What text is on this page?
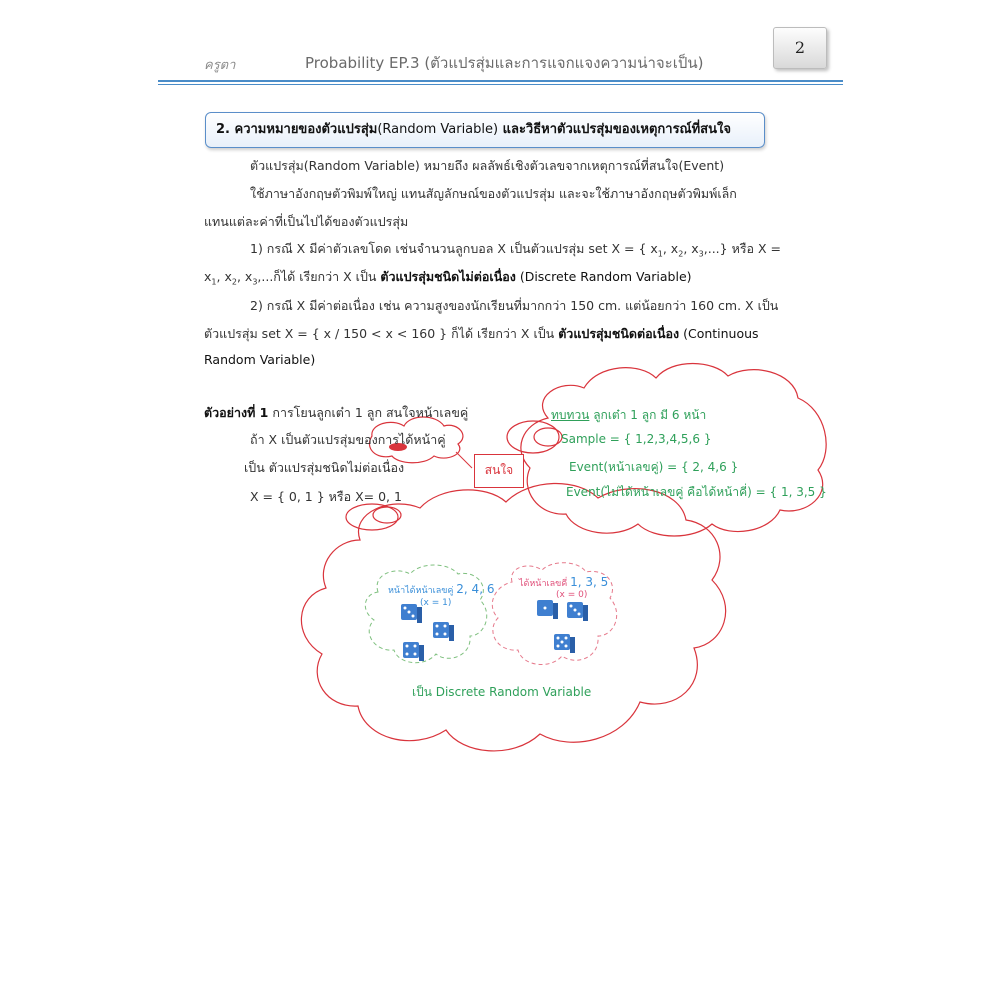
ครูตา	Probability EP.3 (ตัวแปรสุ่มและการแจกแจงความน่าจะเป็น)
2
2. ความหมายของตัวแปรสุ่ม(Random Variable) และวิธีหาตัวแปรสุ่มของเหตุการณ์ที่สนใจ
ตัวแปรสุ่ม(Random Variable) หมายถึง ผลลัพธ์เชิงตัวเลขจากเหตุการณ์ที่สนใจ(Event)
ใช้ภาษาอังกฤษตัวพิมพ์ใหญ่ แทนสัญลักษณ์ของตัวแปรสุ่ม และจะใช้ภาษาอังกฤษตัวพิมพ์เล็ก
แทนแต่ละค่าที่เป็นไปได้ของตัวแปรสุ่ม
1) กรณี X มีค่าตัวเลขโดด เช่นจำนวนลูกบอล X เป็นตัวแปรสุ่ม set X = { $x_1$, $x_2$, $x_3$,...} หรือ X =
$x_1$, $x_2$, $x_3$,...ก็ได้ เรียกว่า X เป็น ตัวแปรสุ่มชนิดไม่ต่อเนื่อง (Discrete Random Variable)
2) กรณี X มีค่าต่อเนื่อง เช่น ความสูงของนักเรียนที่มากกว่า 150 cm. แต่น้อยกว่า 160 cm. X เป็น
ตัวแปรสุ่ม set X = { x / 150 < x < 160 } ก็ได้ เรียกว่า X เป็น ตัวแปรสุ่มชนิดต่อเนื่อง (Continuous
Random Variable)
ตัวอย่างที่ 1 การโยนลูกเต๋า 1 ลูก สนใจหน้าเลขคู่
ถ้า X เป็นตัวแปรสุ่มของการได้หน้าคู่
เป็น ตัวแปรสุ่มชนิดไม่ต่อเนื่อง
X = { 0, 1 } หรือ X= 0, 1
สนใจ
ทบทวน ลูกเต๋า 1 ลูก มี 6 หน้า
Sample = { 1,2,3,4,5,6 }
Event(หน้าเลขคู่) = { 2, 4,6 }
Event(ไม่ได้หน้าเลขคู่ คือได้หน้าคี่) = { 1, 3,5 }
หน้าได้หน้าเลขคู่ 2, 4, 6
(x = 1)
ได้หน้าเลขคี่ 1, 3, 5
(x = 0)
เป็น Discrete Random Variable
